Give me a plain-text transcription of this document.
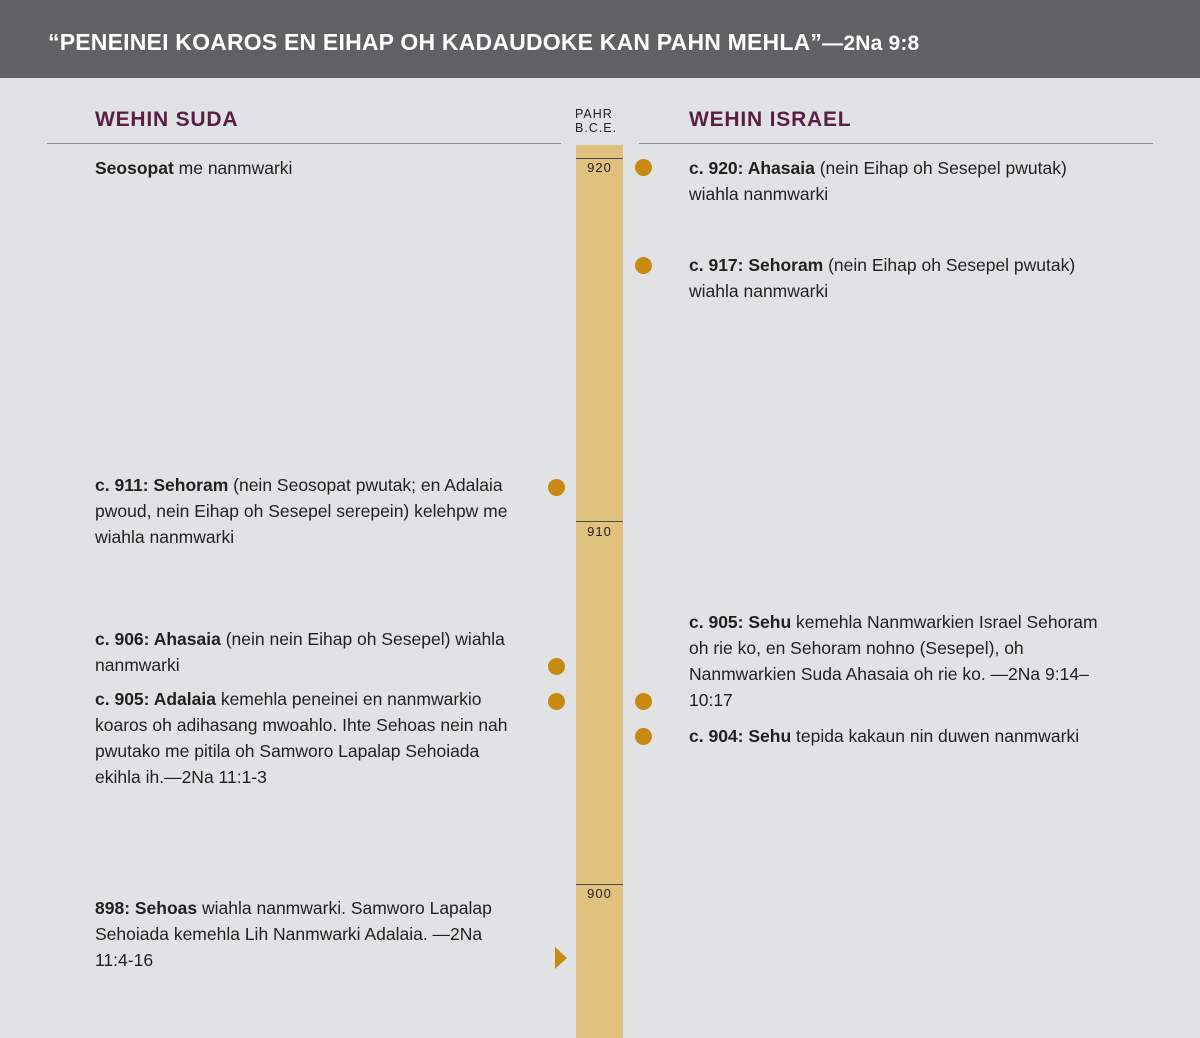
“PENEINEI KOAROS EN EIHAP OH KADAUDOKE KAN PAHN MEHLA”—2Na 9:8
WEHIN SUDA	WEHIN ISRAEL
PAHR
B.C.E.
920
910
900
Seosopat me nanmwarki
c. 911: Sehoram (nein Seosopat pwutak; en Adalaia pwoud, nein Eihap oh Sesepel serepein) kelehpw me wiahla nanmwarki
c. 906: Ahasaia (nein nein Eihap oh Sesepel) wiahla nanmwarki
c. 905: Adalaia kemehla peneinei en nanmwarkio koaros oh adihasang mwoahlo. Ihte Sehoas nein nah pwutako me pitila oh Samworo Lapalap Sehoiada ekihla ih.—2Na 11:1-3
898: Sehoas wiahla nanmwarki. Samworo Lapalap Sehoiada kemehla Lih Nanmwarki Adalaia. —2Na 11:4-16
c. 920: Ahasaia (nein Eihap oh Sesepel pwutak) wiahla nanmwarki
c. 917: Sehoram (nein Eihap oh Sesepel pwutak) wiahla nanmwarki
c. 905: Sehu kemehla Nanmwarkien Israel Sehoram oh rie ko, en Sehoram nohno (Sesepel), oh Nanmwarkien Suda Ahasaia oh rie ko. —2Na 9:14–10:17
c. 904: Sehu tepida kakaun nin duwen nanmwarki
